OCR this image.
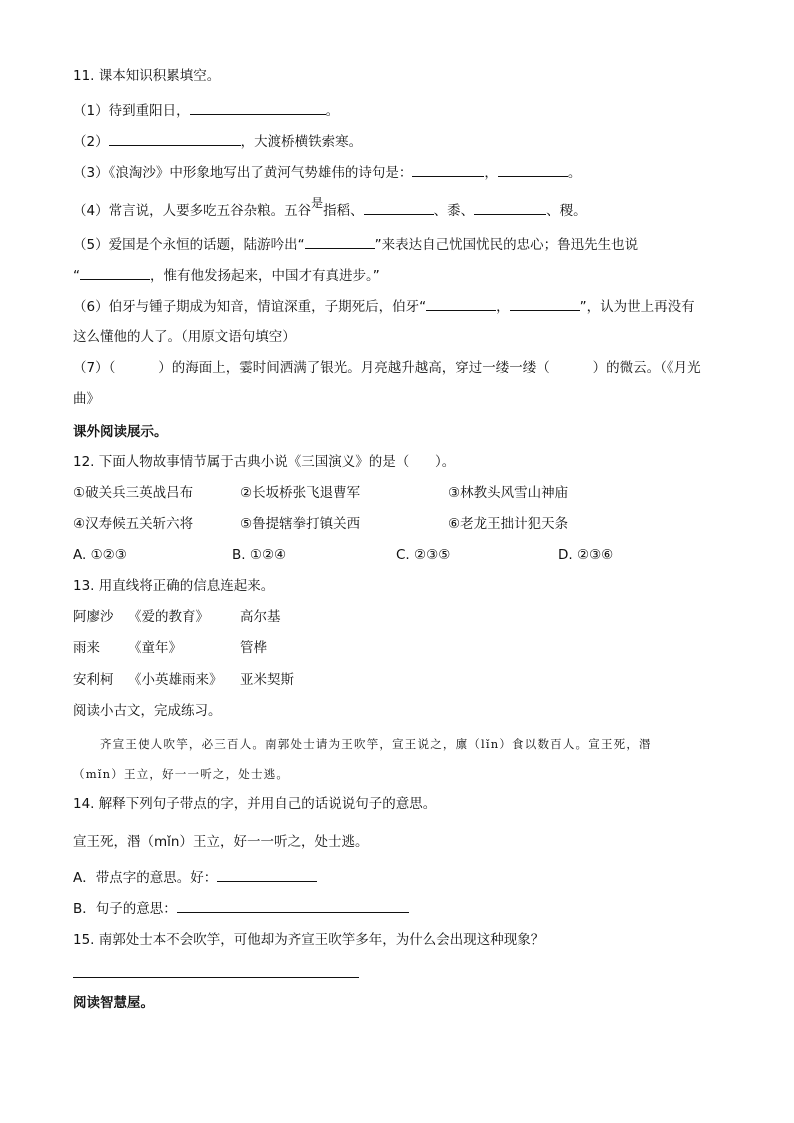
11. 课本知识积累填空。
（1）待到重阳日，	。
（2）	，大渡桥横铁索寒。
（3）《浪淘沙》中形象地写出了黄河气势雄伟的诗句是：	，	。
（4）常言说，人要多吃五谷杂粮。五谷是指稻、	、黍、	、稷。
（5）爱国是个永恒的话题，陆游吟出“	”来表达自己忧国忧民的忠心；鲁迅先生也说
“	，惟有他发扬起来，中国才有真进步。”
（6）伯牙与锺子期成为知音，情谊深重，子期死后，伯牙“	，	”，认为世上再没有
这么懂他的人了。（用原文语句填空）
（7）（          ）的海面上，霎时间洒满了银光。月亮越升越高，穿过一缕一缕（          ）的微云。（《月光
曲》
课外阅读展示。
12. 下面人物故事情节属于古典小说《三国演义》的是（      ）。
①破关兵三英战吕布	②长坂桥张飞退曹军	③林教头风雪山神庙
④汉寿候五关斩六将	⑤鲁提辖拳打镇关西	⑥老龙王拙计犯天条
A. ①②③	B. ①②④	C. ②③⑤	D. ②③⑥
13. 用直线将正确的信息连起来。
阿廖沙 《爱的教育》 高尔基
雨来 《童年》	管桦
安利柯 《小英雄雨来》 亚米契斯
阅读小古文，完成练习。
齐宣王使人吹竽，必三百人。南郭处士请为王吹竽，宣王说之，廪（lǐn）食以数百人。宣王死，湣
（mǐn）王立，好一一听之，处士逃。
14. 解释下列句子带点的字，并用自己的话说说句子的意思。
宣王死，湣（mǐn）王立，好一一听之，处士逃。
A．带点字的意思。好：
B．句子的意思：
15. 南郭处士本不会吹竽，可他却为齐宣王吹竽多年，为什么会出现这种现象？
阅读智慧屋。
